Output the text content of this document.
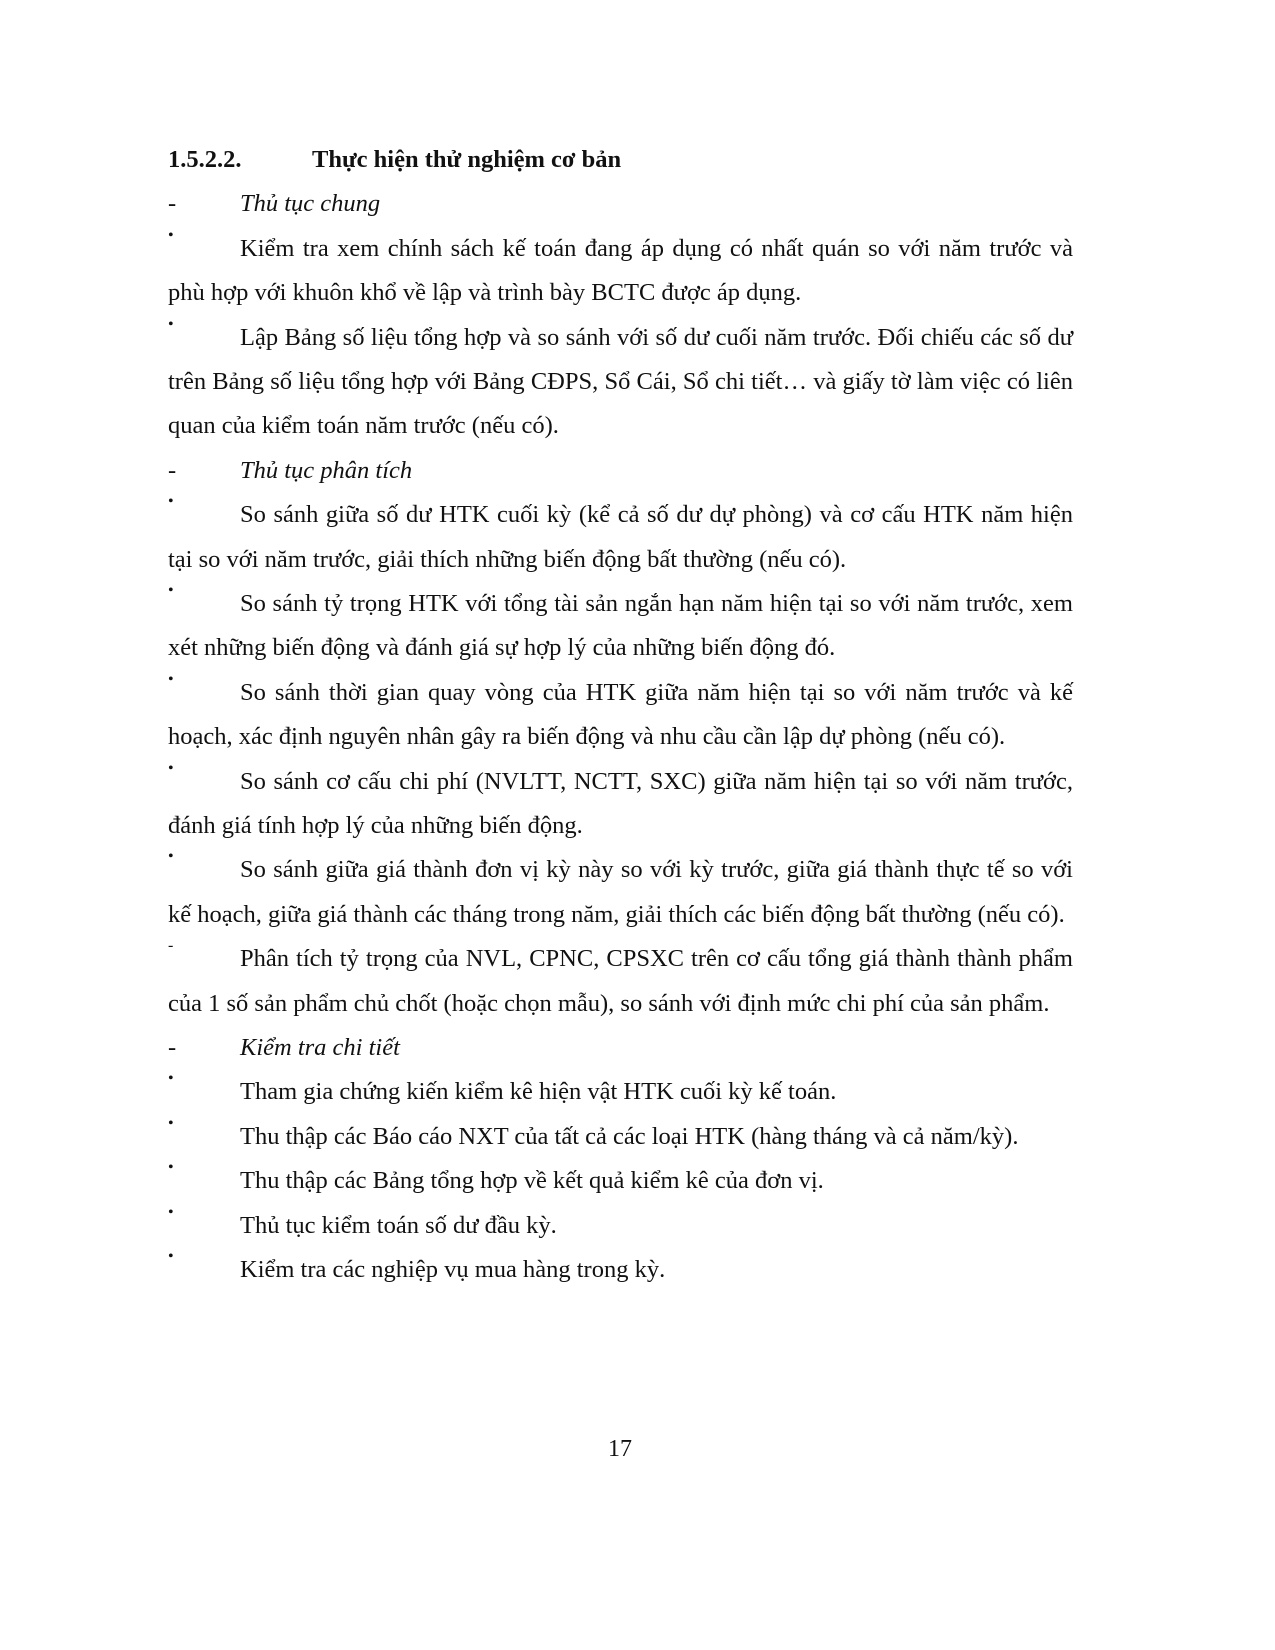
1.5.2.2.	Thực hiện thử nghiệm cơ bản
-	Thủ tục chung
•	Kiểm tra xem chính sách kế toán đang áp dụng có nhất quán so với năm trước và phù hợp với khuôn khổ về lập và trình bày BCTC được áp dụng.
•	Lập Bảng số liệu tổng hợp và so sánh với số dư cuối năm trước. Đối chiếu các số dư trên Bảng số liệu tổng hợp với Bảng CĐPS, Sổ Cái, Sổ chi tiết… và giấy tờ làm việc có liên quan của kiểm toán năm trước (nếu có).
-	Thủ tục phân tích
•	So sánh giữa số dư HTK cuối kỳ (kể cả số dư dự phòng) và cơ cấu HTK năm hiện tại so với năm trước, giải thích những biến động bất thường (nếu có).
•	So sánh tỷ trọng HTK với tổng tài sản ngắn hạn năm hiện tại so với năm trước, xem xét những biến động và đánh giá sự hợp lý của những biến động đó.
•	So sánh thời gian quay vòng của HTK giữa năm hiện tại so với năm trước và kế hoạch, xác định nguyên nhân gây ra biến động và nhu cầu cần lập dự phòng (nếu có).
•	So sánh cơ cấu chi phí (NVLTT, NCTT, SXC) giữa năm hiện tại so với năm trước, đánh giá tính hợp lý của những biến động.
•	So sánh giữa giá thành đơn vị kỳ này so với kỳ trước, giữa giá thành thực tế so với kế hoạch, giữa giá thành các tháng trong năm, giải thích các biến động bất thường (nếu có).
-	Phân tích tỷ trọng của NVL, CPNC, CPSXC trên cơ cấu tổng giá thành thành phẩm của 1 số sản phẩm chủ chốt (hoặc chọn mẫu), so sánh với định mức chi phí của sản phẩm.
-	Kiểm tra chi tiết
•	Tham gia chứng kiến kiểm kê hiện vật HTK cuối kỳ kế toán.
•	Thu thập các Báo cáo NXT của tất cả các loại HTK (hàng tháng và cả năm/kỳ).
•	Thu thập các Bảng tổng hợp về kết quả kiểm kê của đơn vị.
•	Thủ tục kiểm toán số dư đầu kỳ.
•	Kiểm tra các nghiệp vụ mua hàng trong kỳ.
17
